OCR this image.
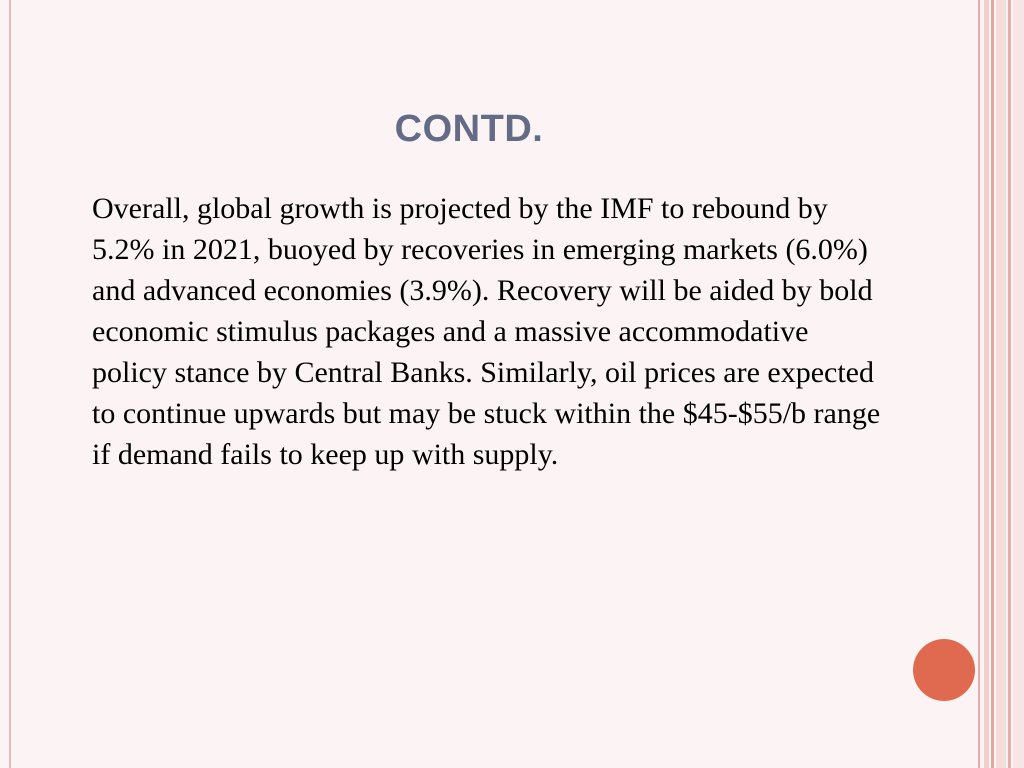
CONTD.

Overall, global growth is projected by the IMF to rebound by 5.2% in 2021, buoyed by recoveries in emerging markets (6.0%) and advanced economies (3.9%). Recovery will be aided by bold economic stimulus packages and a massive accommodative policy stance by Central Banks. Similarly, oil prices are expected to continue upwards but may be stuck within the $45-$55/b range if demand fails to keep up with supply.
